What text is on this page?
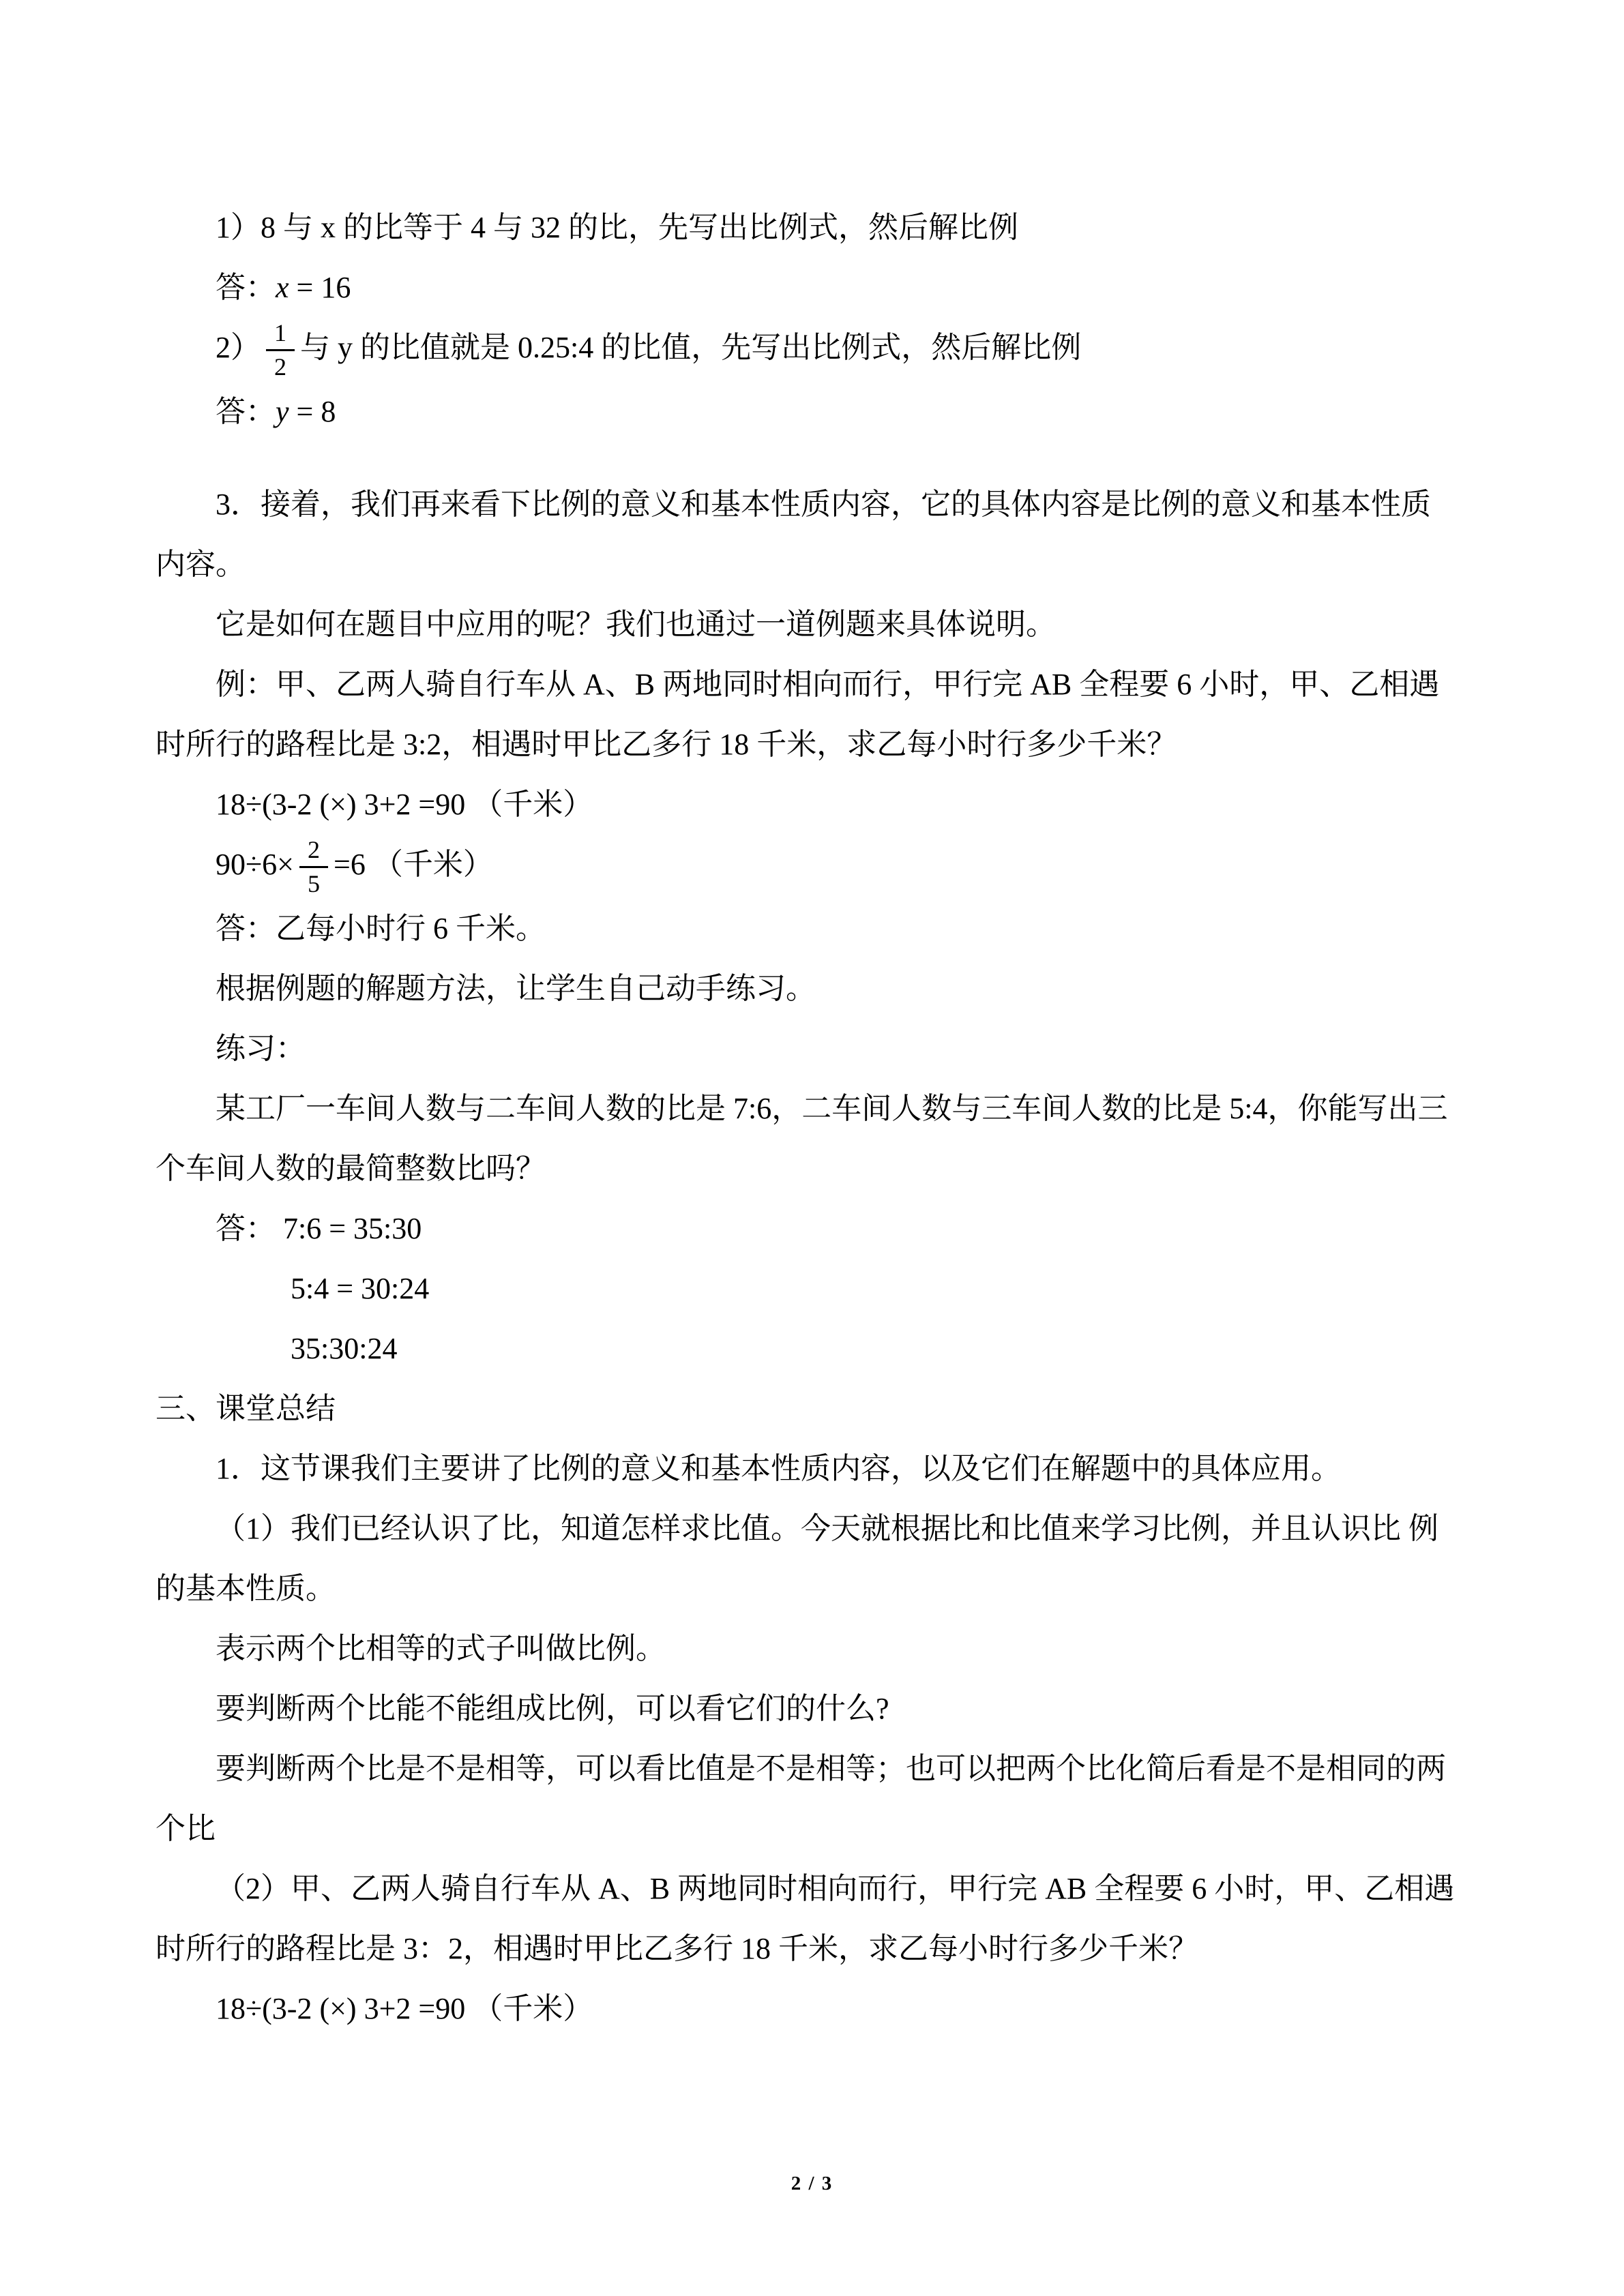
1）8 与 x 的比等于 4 与 32 的比，先写出比例式，然后解比例

答：x = 16

$2) \frac{1}{2}$ 与 y 的比值就是 0.25:4 的比值，先写出比例式，然后解比例

答：y = 8

3．接着，我们再来看下比例的意义和基本性质内容，它的具体内容是比例的意义和基本性质内容。

它是如何在题目中应用的呢？我们也通过一道例题来具体说明。

例：甲、乙两人骑自行车从 A、B 两地同时相向而行，甲行完 AB 全程要 6 小时，甲、乙相遇时所行的路程比是 3:2，相遇时甲比乙多行 18 千米，求乙每小时行多少千米？

18÷(3-2 (×) 3+2 =90 （千米）

$90\div 6\times \frac{2}{5} =6$ （千米）

答：乙每小时行 6 千米。

根据例题的解题方法，让学生自己动手练习。

练习：

某工厂一车间人数与二车间人数的比是 7:6，二车间人数与三车间人数的比是 5:4，你能写出三个车间人数的最简整数比吗？

答： 7:6 = 35:30

5:4 = 30:24

35:30:24

三、课堂总结

1．这节课我们主要讲了比例的意义和基本性质内容，以及它们在解题中的具体应用。

（1）我们已经认识了比，知道怎样求比值。今天就根据比和比值来学习比例，并且认识比 例的基本性质。

表示两个比相等的式子叫做比例。

要判断两个比能不能组成比例，可以看它们的什么?

要判断两个比是不是相等，可以看比值是不是相等；也可以把两个比化简后看是不是相同的两个比

（2）甲、乙两人骑自行车从 A、B 两地同时相向而行，甲行完 AB 全程要 6 小时，甲、乙相遇时所行的路程比是 3：2，相遇时甲比乙多行 18 千米，求乙每小时行多少千米？

18÷(3-2 (×) 3+2 =90 （千米）

2 / 3
